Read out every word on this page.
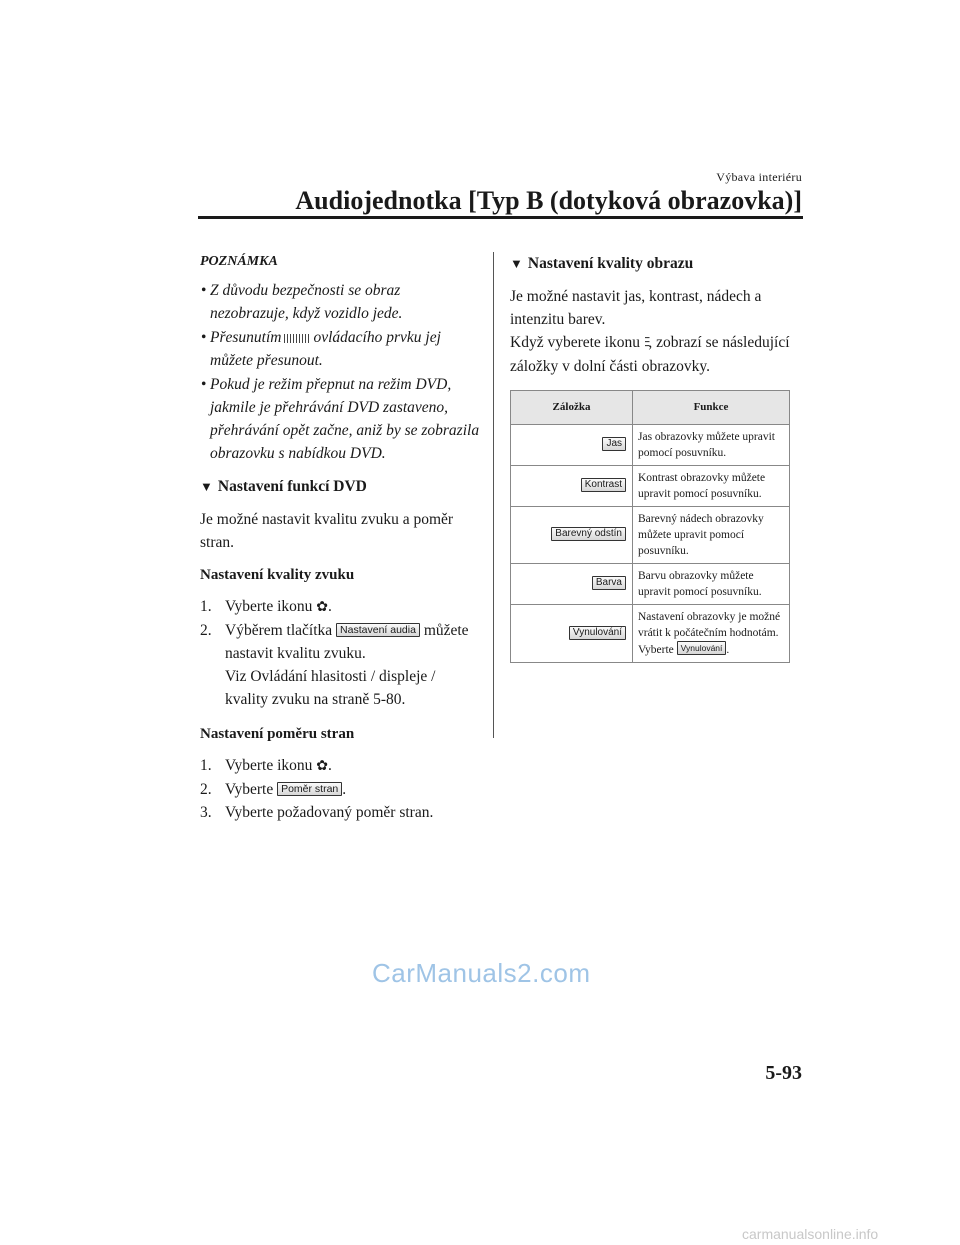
Výbava interiéru
Audiojednotka [Typ B (dotyková obrazovka)]
POZNÁMKA
• Z důvodu bezpečnosti se obraz nezobrazuje, když vozidlo jede.
• Přesunutím ovládacího prvku jej můžete přesunout.
• Pokud je režim přepnut na režim DVD, jakmile je přehrávání DVD zastaveno, přehrávání opět začne, aniž by se zobrazila obrazovku s nabídkou DVD.
▼ Nastavení funkcí DVD

Je možné nastavit kvalitu zvuku a poměr stran.

Nastavení kvality zvuku
1. Vyberte ikonu ✿.
2. Výběrem tlačítka Nastavení audia můžete nastavit kvalitu zvuku.
Viz Ovládání hlasitosti / displeje / kvality zvuku na straně 5-80.
Nastavení poměru stran
1. Vyberte ikonu ✿.
2. Vyberte Poměr stran .
3. Vyberte požadovaný poměr stran.
▼ Nastavení kvality obrazu

Je možné nastavit jas, kontrast, nádech a intenzitu barev.

Když vyberete ikonu ⫶⫶⫶, zobrazí se následující záložky v dolní části obrazovky.

Záložka	Funkce
Jas	Jas obrazovky můžete upravit pomocí posuvníku.
Kontrast	Kontrast obrazovky můžete upravit pomocí posuvníku.
Barevný odstín	Barevný nádech obrazovky můžete upravit pomocí posuvníku.
Barva	Barvu obrazovky můžete upravit pomocí posuvníku.
Vynulování	Nastavení obrazovky je možné vrátit k počátečním hodnotám.
Vyberte Vynulování .
CarManuals2.com
5-93
carmanualsonline.info
